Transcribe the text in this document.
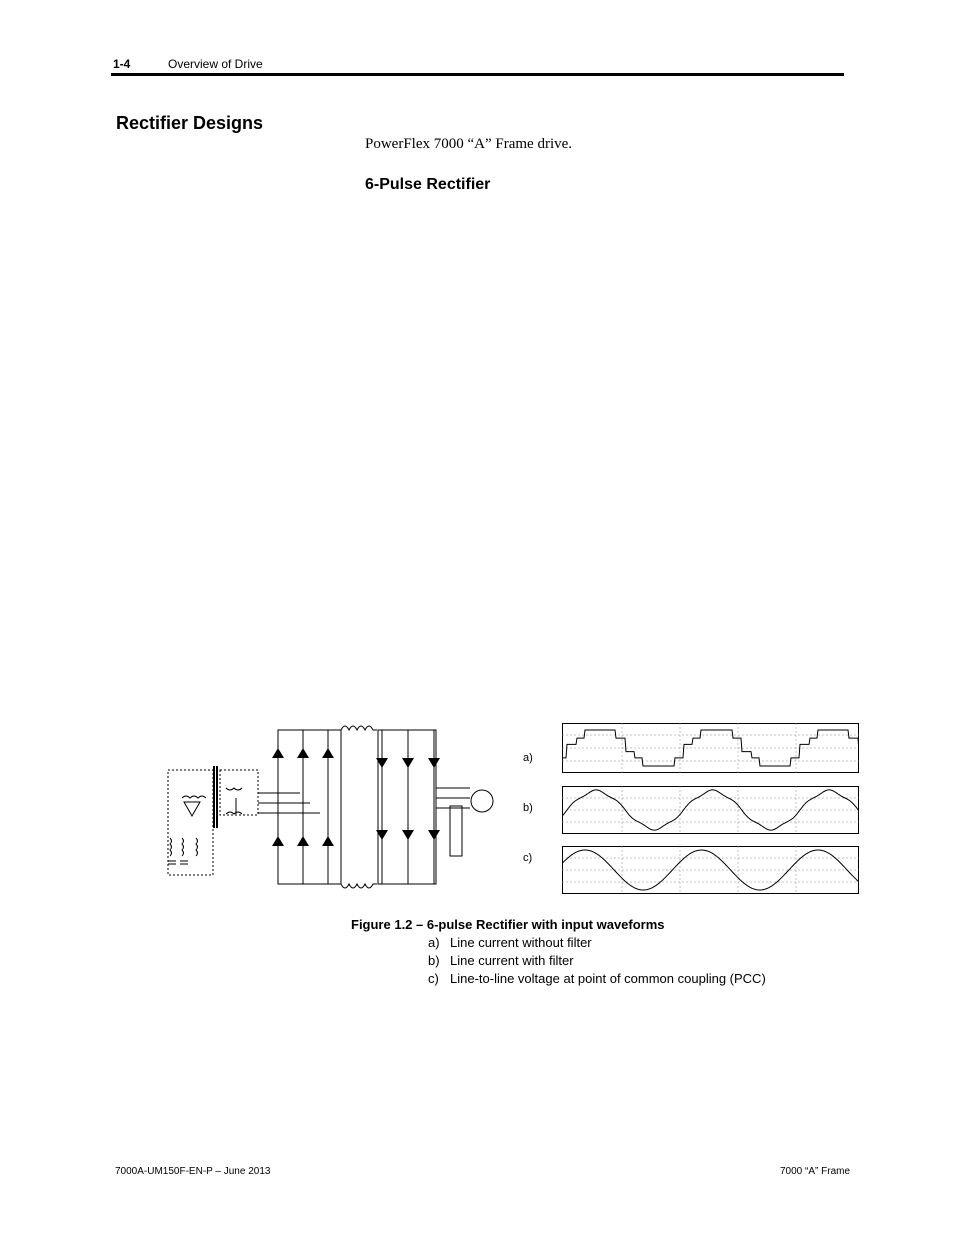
1-4	Overview of Drive
Rectifier Designs
PowerFlex 7000 “A” Frame drive.
6-Pulse Rectifier
a)
b)
c)
Figure 1.2 – 6-pulse Rectifier with input waveforms
a) Line current without filter
b) Line current with filter
c) Line-to-line voltage at point of common coupling (PCC)
7000A-UM150F-EN-P – June 2013	7000 “A” Frame
